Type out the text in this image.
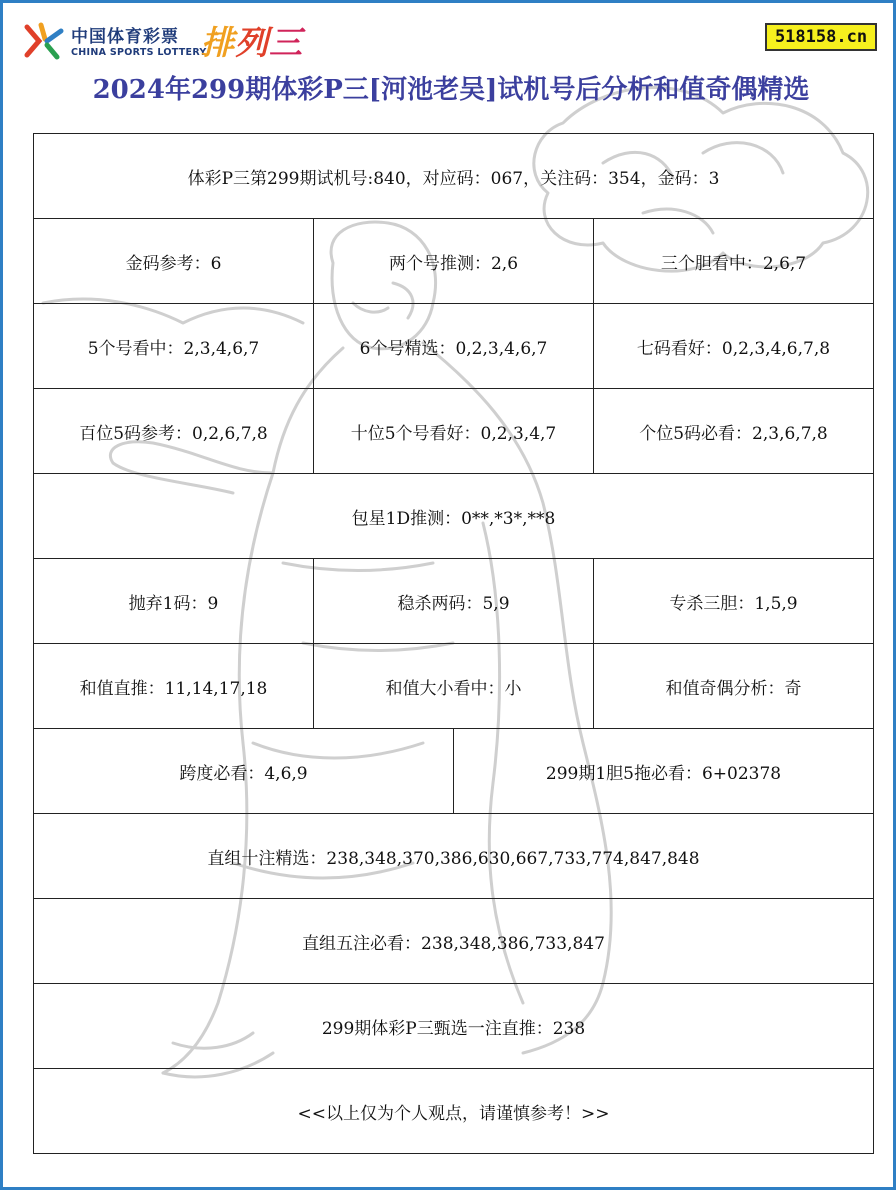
中国体育彩票
CHINA SPORTS LOTTERY
排列三	518158.cn
2024年299期体彩P三[河池老吴]试机号后分析和值奇偶精选
体彩P三第299期试机号:840，对应码：067，关注码：354，金码：3
金码参考：6	两个号推测：2,6	三个胆看中：2,6,7
5个号看中：2,3,4,6,7	6个号精选：0,2,3,4,6,7	七码看好：0,2,3,4,6,7,8
百位5码参考：0,2,6,7,8	十位5个号看好：0,2,3,4,7	个位5码必看：2,3,6,7,8
包星1D推测：0**,*3*,**8
抛弃1码：9	稳杀两码：5,9	专杀三胆：1,5,9
和值直推：11,14,17,18	和值大小看中：小	和值奇偶分析：奇
跨度必看：4,6,9	299期1胆5拖必看：6+02378
直组十注精选：238,348,370,386,630,667,733,774,847,848
直组五注必看：238,348,386,733,847
299期体彩P三甄选一注直推：238
<<以上仅为个人观点，请谨慎参考！>>
